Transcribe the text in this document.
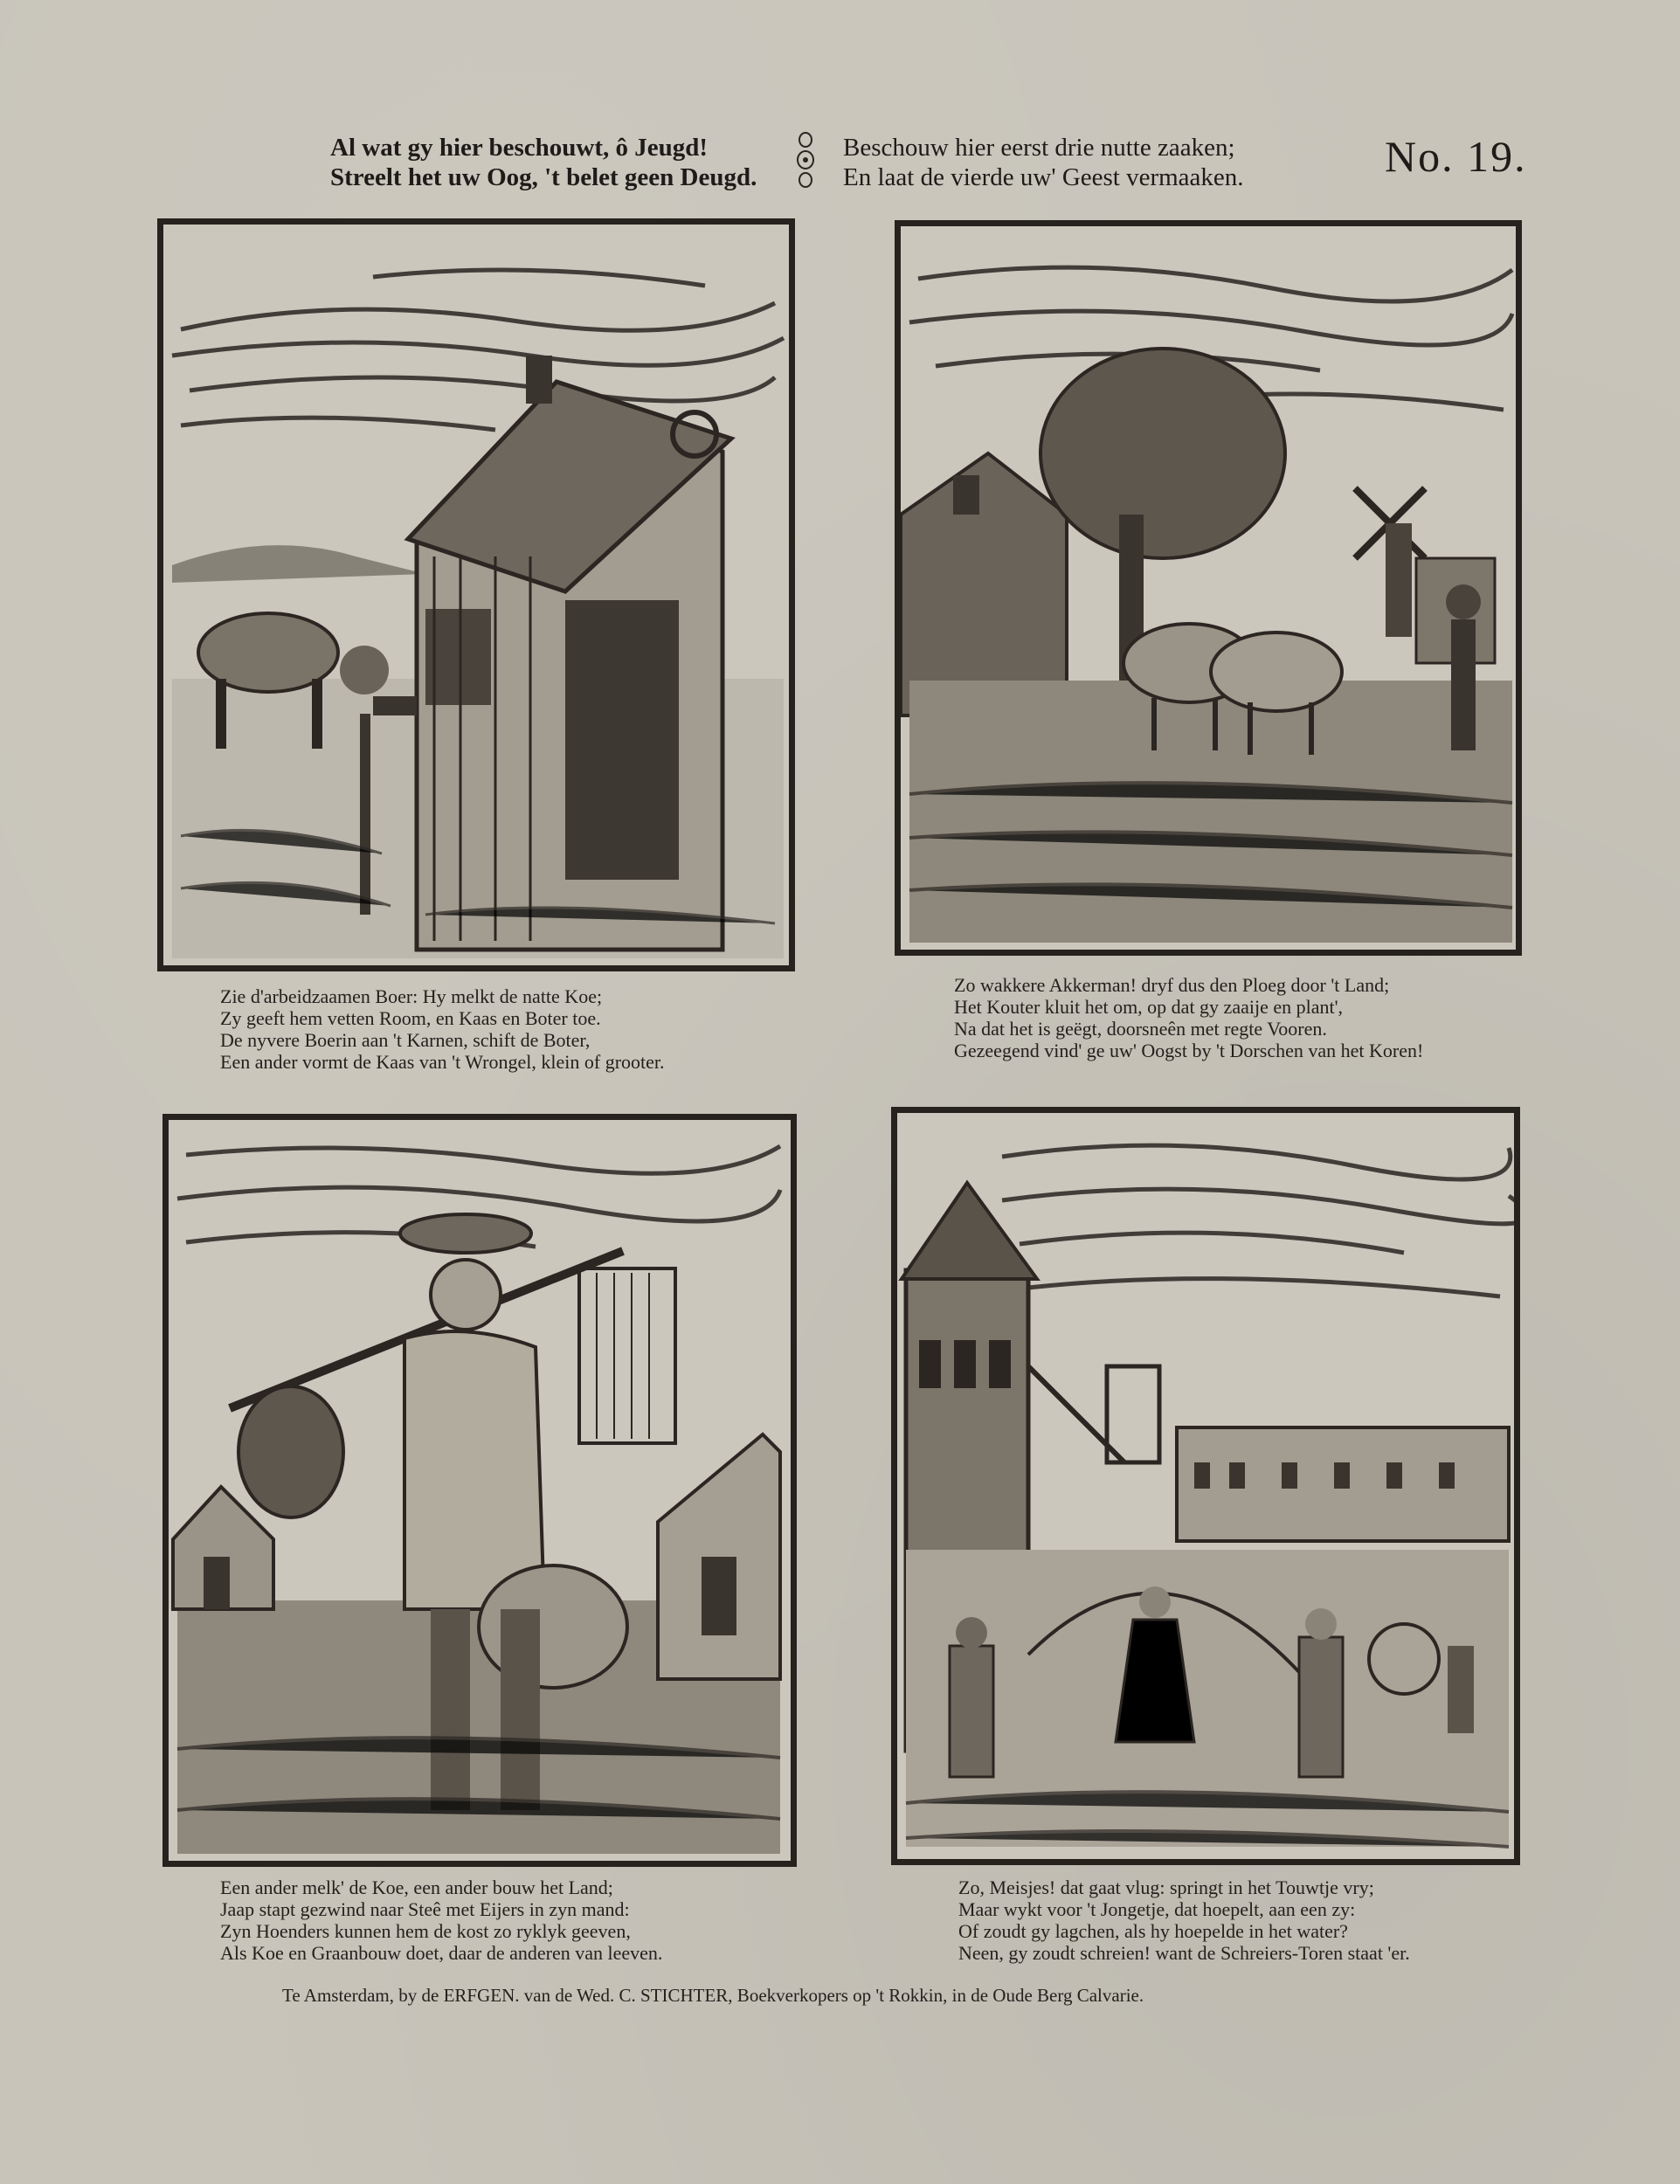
Al wat gy hier beschouwt, ô Jeugd!
Streelt het uw Oog, 't belet geen Deugd.
Beschouw hier eerst drie nutte zaaken;
En laat de vierde uw' Geest vermaaken.	No. 19.
Zie d'arbeidzaamen Boer: Hy melkt de natte Koe;
Zy geeft hem vetten Room, en Kaas en Boter toe.
De nyvere Boerin aan 't Karnen, schift de Boter,
Een ander vormt de Kaas van 't Wrongel, klein of grooter.
Zo wakkere Akkerman! dryf dus den Ploeg door 't Land;
Het Kouter kluit het om, op dat gy zaaije en plant',
Na dat het is geëgt, doorsneên met regte Vooren.
Gezeegend vind' ge uw' Oogst by 't Dorschen van het Koren!
Een ander melk' de Koe, een ander bouw het Land;
Jaap stapt gezwind naar Steê met Eijers in zyn mand:
Zyn Hoenders kunnen hem de kost zo ryklyk geeven,
Als Koe en Graanbouw doet, daar de anderen van leeven.
Zo, Meisjes! dat gaat vlug: springt in het Touwtje vry;
Maar wykt voor 't Jongetje, dat hoepelt, aan een zy:
Of zoudt gy lagchen, als hy hoepelde in het water?
Neen, gy zoudt schreien! want de Schreiers-Toren staat 'er.
Te Amsterdam, by de ERFGEN. van de Wed. C. STICHTER, Boekverkopers op 't Rokkin, in de Oude Berg Calvarie.
